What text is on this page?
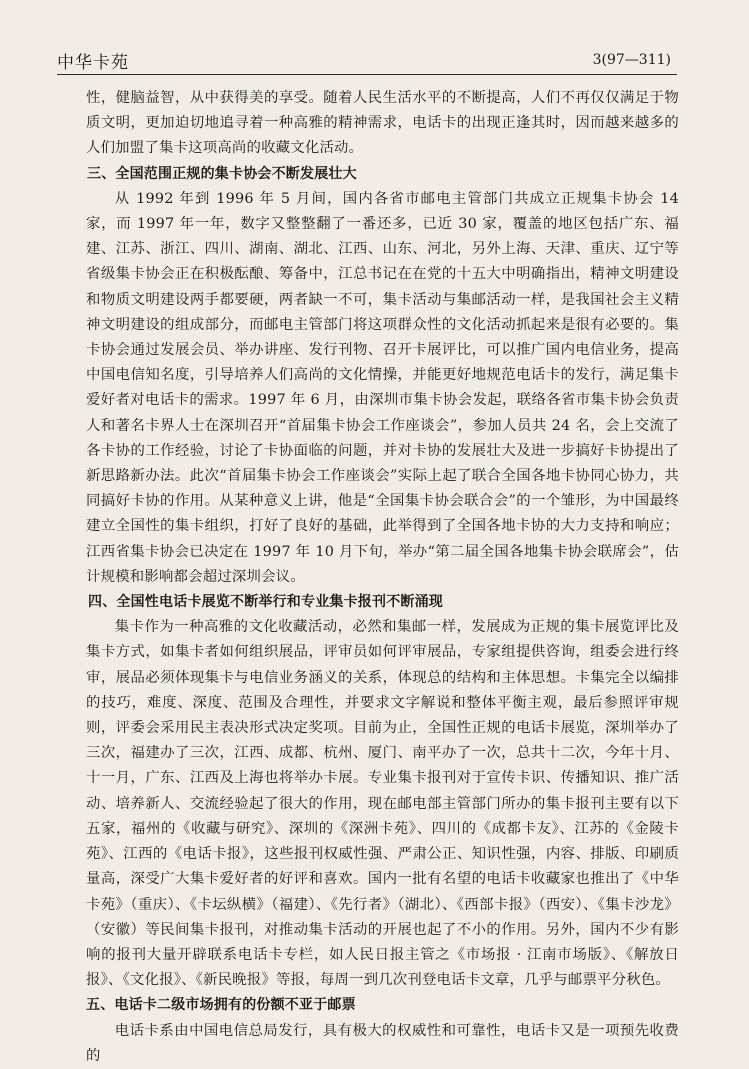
中华卡苑	3(97—311)

性，健脑益智，从中获得美的享受。随着人民生活水平的不断提高，人们不再仅仅满足于物质文明，更加迫切地追寻着一种高雅的精神需求，电话卡的出现正逢其时，因而越来越多的人们加盟了集卡这项高尚的收藏文化活动。

三、全国范围正规的集卡协会不断发展壮大

从 1992 年到 1996 年 5 月间，国内各省市邮电主管部门共成立正规集卡协会 14 家，而 1997 年一年，数字又整整翻了一番还多，已近 30 家，覆盖的地区包括广东、福建、江苏、浙江、四川、湖南、湖北、江西、山东、河北，另外上海、天津、重庆、辽宁等省级集卡协会正在积极酝酿、筹备中，江总书记在在党的十五大中明确指出，精神文明建设和物质文明建设两手都要硬，两者缺一不可，集卡活动与集邮活动一样，是我国社会主义精神文明建设的组成部分，而邮电主管部门将这项群众性的文化活动抓起来是很有必要的。集卡协会通过发展会员、举办讲座、发行刊物、召开卡展评比，可以推广国内电信业务，提高中国电信知名度，引导培养人们高尚的文化情操，并能更好地规范电话卡的发行，满足集卡爱好者对电话卡的需求。1997 年 6 月，由深圳市集卡协会发起，联络各省市集卡协会负责人和著名卡界人士在深圳召开“首届集卡协会工作座谈会”，参加人员共 24 名，会上交流了各卡协的工作经验，讨论了卡协面临的问题，并对卡协的发展壮大及进一步搞好卡协提出了新思路新办法。此次“首届集卡协会工作座谈会”实际上起了联合全国各地卡协同心协力，共同搞好卡协的作用。从某种意义上讲，他是“全国集卡协会联合会”的一个雏形，为中国最终建立全国性的集卡组织，打好了良好的基础，此举得到了全国各地卡协的大力支持和响应；江西省集卡协会已决定在 1997 年 10 月下旬，举办“第二届全国各地集卡协会联席会”，估计规模和影响都会超过深圳会议。

四、全国性电话卡展览不断举行和专业集卡报刊不断涌现

集卡作为一种高雅的文化收藏活动，必然和集邮一样，发展成为正规的集卡展览评比及集卡方式，如集卡者如何组织展品，评审员如何评审展品，专家组提供咨询，组委会进行终审，展品必须体现集卡与电信业务涵义的关系，体现总的结构和主体思想。卡集完全以编排的技巧，难度、深度、范围及合理性，并要求文字解说和整体平衡主观，最后参照评审规则，评委会采用民主表决形式决定奖项。目前为止，全国性正规的电话卡展览，深圳举办了三次，福建办了三次，江西、成都、杭州、厦门、南平办了一次，总共十二次，今年十月、十一月，广东、江西及上海也将举办卡展。专业集卡报刊对于宣传卡识、传播知识、推广活动、培养新人、交流经验起了很大的作用，现在邮电部主管部门所办的集卡报刊主要有以下五家，福州的《收藏与研究》、深圳的《深洲卡苑》、四川的《成都卡友》、江苏的《金陵卡苑》、江西的《电话卡报》，这些报刊权威性强、严肃公正、知识性强，内容、排版、印刷质量高，深受广大集卡爱好者的好评和喜欢。国内一批有名望的电话卡收藏家也推出了《中华卡苑》（重庆）、《卡坛纵横》（福建）、《先行者》（湖北）、《西部卡报》（西安）、《集卡沙龙》（安徽）等民间集卡报刊，对推动集卡活动的开展也起了不小的作用。另外，国内不少有影响的报刊大量开辟联系电话卡专栏，如人民日报主管之《市场报 · 江南市场版》、《解放日报》、《文化报》、《新民晚报》等报，每周一到几次刊登电话卡文章，几乎与邮票平分秋色。

五、电话卡二级市场拥有的份额不亚于邮票

电话卡系由中国电信总局发行，具有极大的权威性和可靠性，电话卡又是一项预先收费的
